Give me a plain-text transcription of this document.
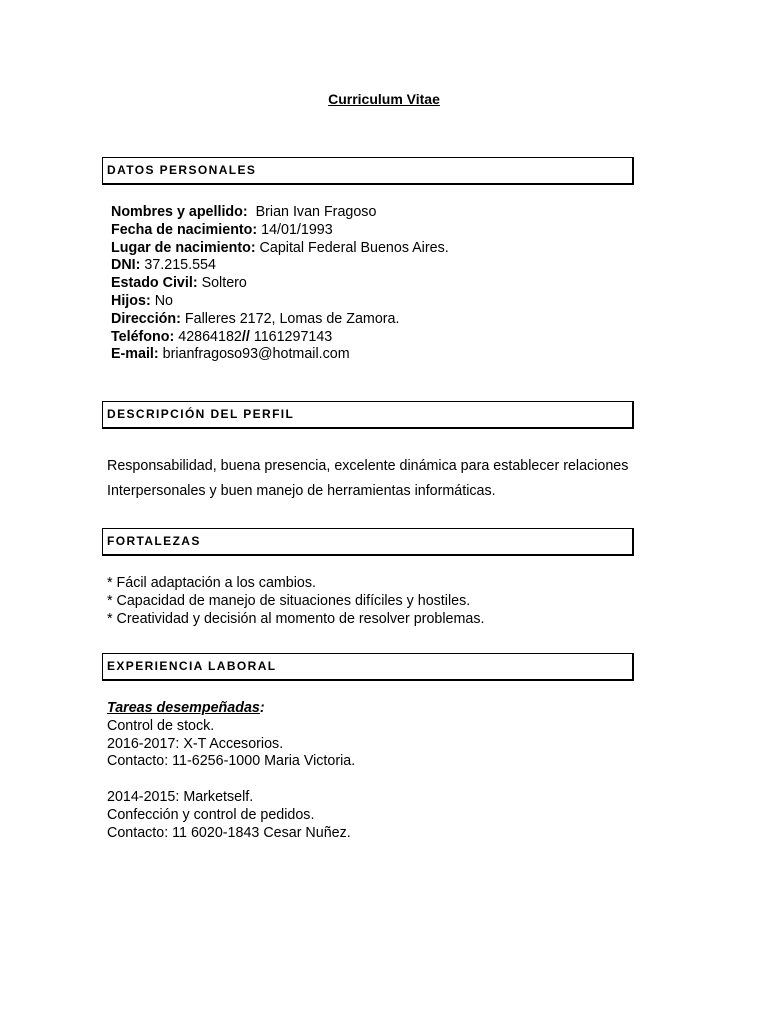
Curriculum Vitae
DATOS PERSONALES
Nombres y apellido:  Brian Ivan Fragoso
Fecha de nacimiento: 14/01/1993
Lugar de nacimiento: Capital Federal Buenos Aires.
DNI: 37.215.554
Estado Civil: Soltero
Hijos: No
Dirección: Falleres 2172, Lomas de Zamora.
Teléfono: 42864182// 1161297143
E-mail: brianfragoso93@hotmail.com
DESCRIPCIÓN DEL PERFIL
Responsabilidad, buena presencia, excelente dinámica para establecer relaciones
Interpersonales y buen manejo de herramientas informáticas.
FORTALEZAS
* Fácil adaptación a los cambios.
* Capacidad de manejo de situaciones difíciles y hostiles.
* Creatividad y decisión al momento de resolver problemas.
EXPERIENCIA LABORAL
Tareas desempeñadas:
Control de stock.
2016-2017: X-T Accesorios.
Contacto: 11-6256-1000 Maria Victoria.
2014-2015: Marketself.
Confección y control de pedidos.
Contacto: 11 6020-1843 Cesar Nuñez.
